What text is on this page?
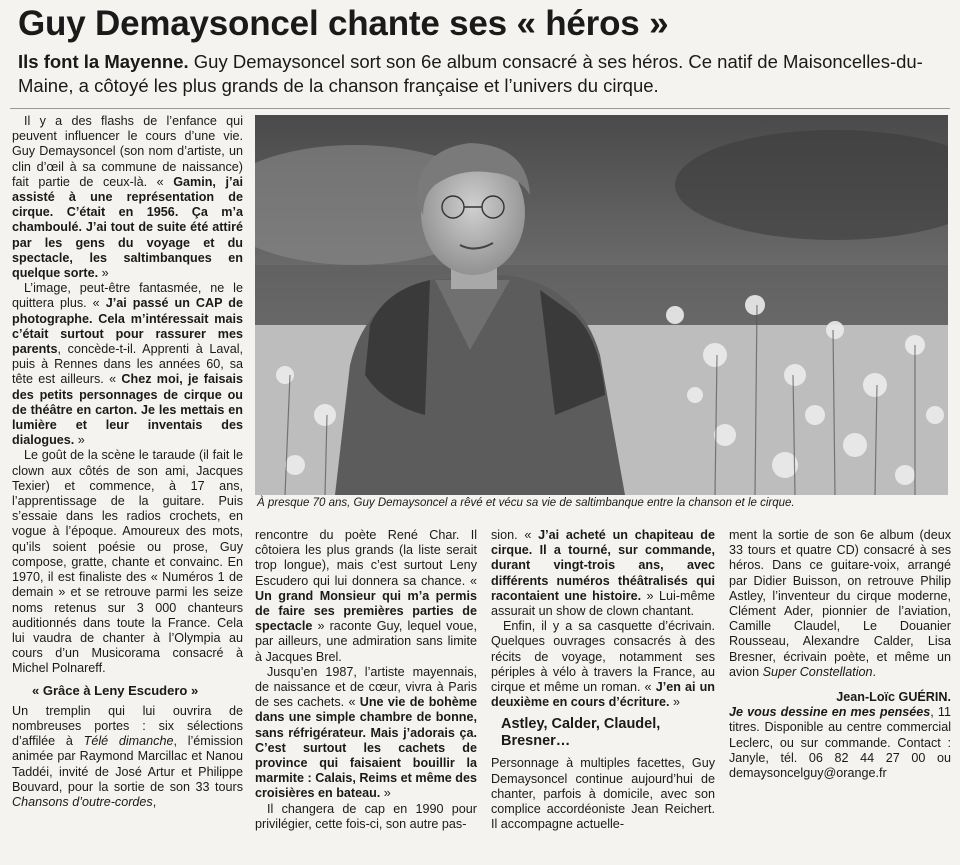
Guy Demaysoncel chante ses « héros »

Ils font la Mayenne. Guy Demaysoncel sort son 6e album consacré à ses héros. Ce natif de Maisoncelles-du-Maine, a côtoyé les plus grands de la chanson française et l’univers du cirque.

Il y a des flashs de l’enfance qui peuvent influencer le cours d’une vie. Guy Demaysoncel (son nom d’artiste, un clin d’œil à sa commune de naissance) fait partie de ceux-là. « Gamin, j’ai assisté à une représentation de cirque. C’était en 1956. Ça m’a chamboulé. J’ai tout de suite été attiré par les gens du voyage et du spectacle, les saltimbanques en quelque sorte. »

L’image, peut-être fantasmée, ne le quittera plus. « J’ai passé un CAP de photographe. Cela m’intéressait mais c’était surtout pour rassurer mes parents, concède-t-il. Apprenti à Laval, puis à Rennes dans les années 60, sa tête est ailleurs. « Chez moi, je faisais des petits personnages de cirque ou de théâtre en carton. Je les mettais en lumière et leur inventais des dialogues. »

Le goût de la scène le taraude (il fait le clown aux côtés de son ami, Jacques Texier) et commence, à 17 ans, l’apprentissage de la guitare. Puis s’essaie dans les radios crochets, en vogue à l’époque. Amoureux des mots, qu’ils soient poésie ou prose, Guy compose, gratte, chante et convainc. En 1970, il est finaliste des « Numéros 1 de demain » et se retrouve parmi les seize noms retenus sur 3 000 chanteurs auditionnés dans toute la France. Cela lui vaudra de chanter à l’Olympia au cours d’un Musicorama consacré à Michel Polnareff.

« Grâce à Leny Escudero »

Un tremplin qui lui ouvrira de nombreuses portes : six sélections d’affilée à Télé dimanche, l’émission animée par Raymond Marcillac et Nanou Taddéi, invité de José Artur et Philippe Bouvard, pour la sortie de son 33 tours Chansons d’outre-cordes,

À presque 70 ans, Guy Demaysoncel a rêvé et vécu sa vie de saltimbanque entre la chanson et le cirque.

rencontre du poète René Char. Il côtoiera les plus grands (la liste serait trop longue), mais c’est surtout Leny Escudero qui lui donnera sa chance. « Un grand Monsieur qui m’a permis de faire ses premières parties de spectacle » raconte Guy, lequel voue, par ailleurs, une admiration sans limite à Jacques Brel.

Jusqu’en 1987, l’artiste mayennais, de naissance et de cœur, vivra à Paris de ses cachets. « Une vie de bohème dans une simple chambre de bonne, sans réfrigérateur. Mais j’adorais ça. C’est surtout les cachets de province qui faisaient bouillir la marmite : Calais, Reims et même des croisières en bateau. »

Il changera de cap en 1990 pour privilégier, cette fois-ci, son autre pas-

sion. « J’ai acheté un chapiteau de cirque. Il a tourné, sur commande, durant vingt-trois ans, avec différents numéros théâtralisés qui racontaient une histoire. » Lui-même assurait un show de clown chantant.

Enfin, il y a sa casquette d’écrivain. Quelques ouvrages consacrés à des récits de voyage, notamment ses périples à vélo à travers la France, au cirque et même un roman. « J’en ai un deuxième en cours d’écriture. »

Astley, Calder, Claudel, Bresner…

Personnage à multiples facettes, Guy Demaysoncel continue aujourd’hui de chanter, parfois à domicile, avec son complice accordéoniste Jean Reichert. Il accompagne actuelle-

ment la sortie de son 6e album (deux 33 tours et quatre CD) consacré à ses héros. Dans ce guitare-voix, arrangé par Didier Buisson, on retrouve Philip Astley, l’inventeur du cirque moderne, Clément Ader, pionnier de l’aviation, Camille Claudel, Le Douanier Rousseau, Alexandre Calder, Lisa Bresner, écrivain poète, et même un avion Super Constellation.

Jean-Loïc GUÉRIN.

Je vous dessine en mes pensées, 11 titres. Disponible au centre commercial Leclerc, ou sur commande. Contact : Janyle, tél. 06 82 44 27 00 ou demaysoncelguy@orange.fr
